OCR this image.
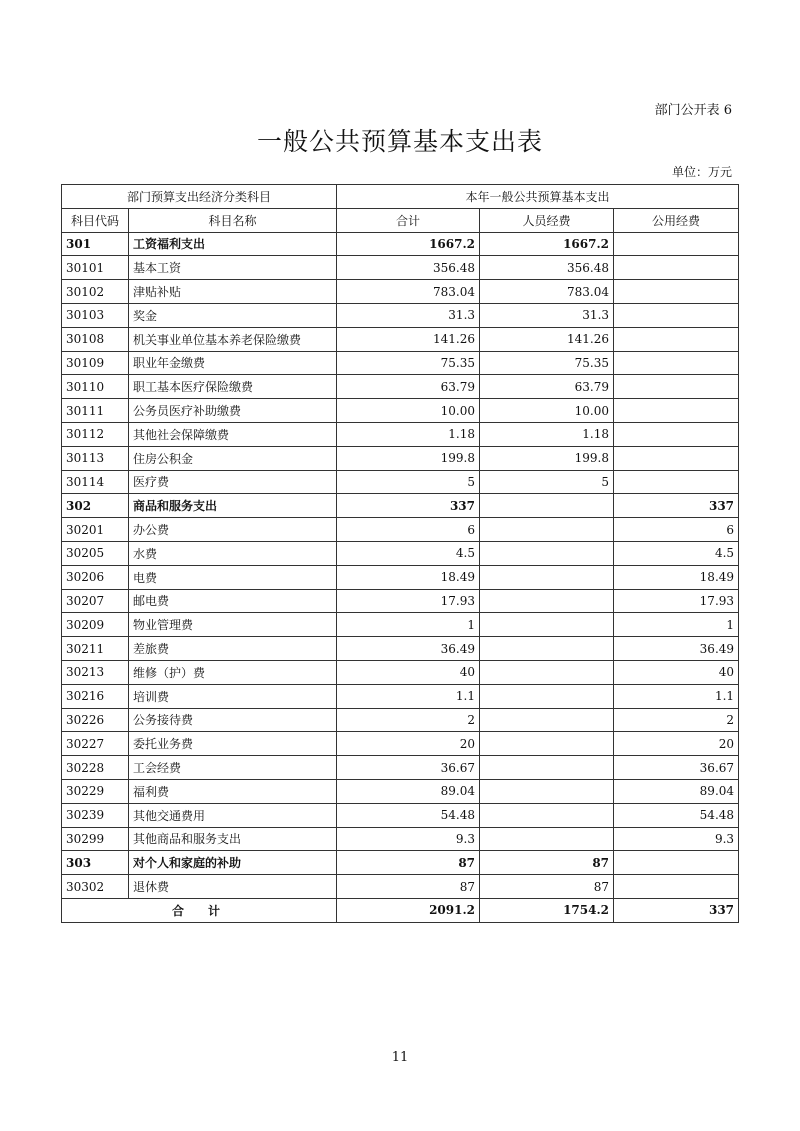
部门公开表 6
一般公共预算基本支出表
单位：万元
部门预算支出经济分类科目		本年一般公共预算基本支出		
科目代码	科目名称	合计	人员经费	公用经费
301	工资福利支出	1667.2	1667.2	
30101	基本工资	356.48	356.48	
30102	津贴补贴	783.04	783.04	
30103	奖金	31.3	31.3	
30108	机关事业单位基本养老保险缴费	141.26	141.26	
30109	职业年金缴费	75.35	75.35	
30110	职工基本医疗保险缴费	63.79	63.79	
30111	公务员医疗补助缴费	10.00	10.00	
30112	其他社会保障缴费	1.18	1.18	
30113	住房公积金	199.8	199.8	
30114	医疗费	5	5	
302	商品和服务支出	337		337
30201	办公费	6		6
30205	水费	4.5		4.5
30206	电费	18.49		18.49
30207	邮电费	17.93		17.93
30209	物业管理费	1		1
30211	差旅费	36.49		36.49
30213	维修（护）费	40		40
30216	培训费	1.1		1.1
30226	公务接待费	2		2
30227	委托业务费	20		20
30228	工会经费	36.67		36.67
30229	福利费	89.04		89.04
30239	其他交通费用	54.48		54.48
30299	其他商品和服务支出	9.3		9.3
303	对个人和家庭的补助	87	87	
30302	退休费	87	87	
合　计		2091.2	1754.2	337
11
